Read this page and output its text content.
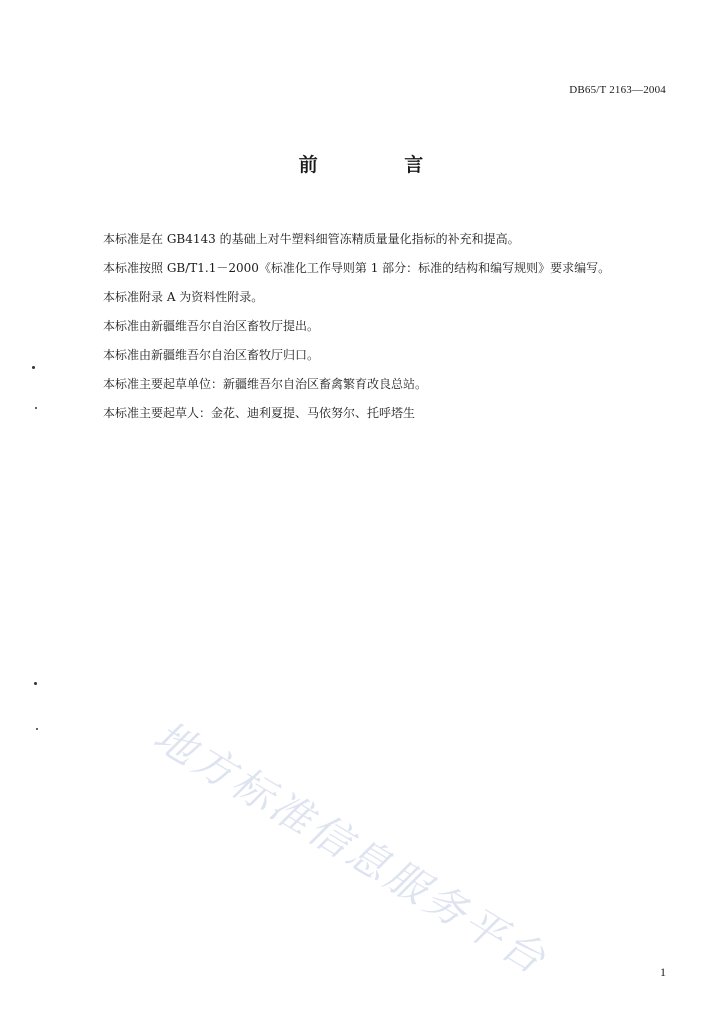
DB65/T 2163—2004
前 言
本标准是在 GB4143 的基础上对牛塑料细管冻精质量量化指标的补充和提高。
本标准按照 GB/T1.1－2000《标准化工作导则第 1 部分：标准的结构和编写规则》要求编写。
本标准附录 A 为资料性附录。
本标准由新疆维吾尔自治区畜牧厅提出。
本标准由新疆维吾尔自治区畜牧厅归口。
本标准主要起草单位：新疆维吾尔自治区畜禽繁育改良总站。
本标准主要起草人：金花、迪利夏提、马依努尔、托呼塔生
地方标准信息服务平台	1
